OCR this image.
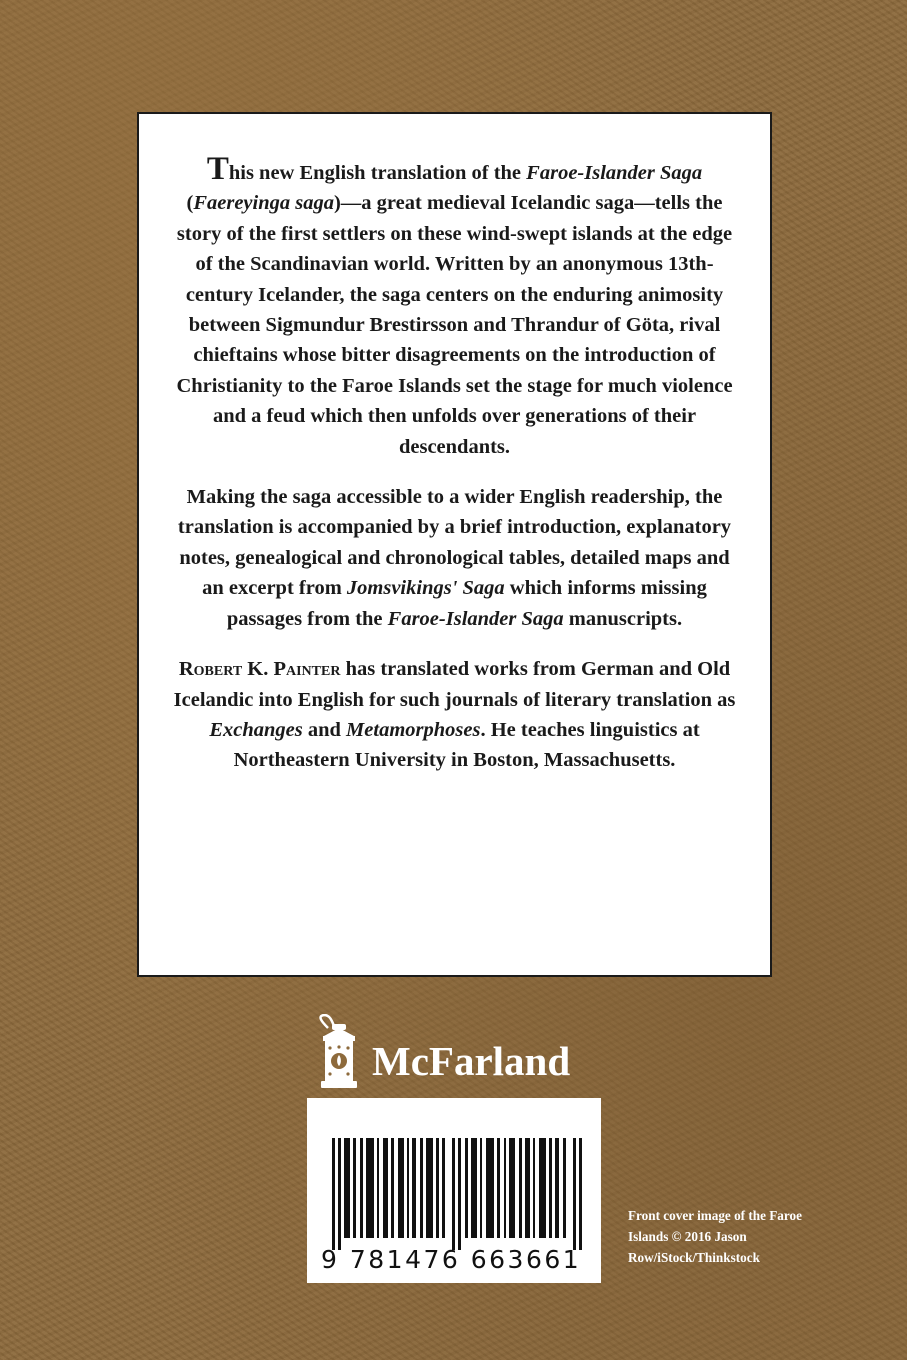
This new English translation of the Faroe-Islander Saga (Faereyinga saga)—a great medieval Icelandic saga—tells the story of the first settlers on these wind-swept islands at the edge of the Scandinavian world. Written by an anonymous 13th-century Icelander, the saga centers on the enduring animosity between Sigmundur Brestirsson and Thrandur of Göta, rival chieftains whose bitter disagreements on the introduction of Christianity to the Faroe Islands set the stage for much violence and a feud which then unfolds over generations of their descendants.

Making the saga accessible to a wider English readership, the translation is accompanied by a brief introduction, explanatory notes, genealogical and chronological tables, detailed maps and an excerpt from Jomsvikings' Saga which informs missing passages from the Faroe-Islander Saga manuscripts.

Robert K. Painter has translated works from German and Old Icelandic into English for such journals of literary translation as Exchanges and Metamorphoses. He teaches linguistics at Northeastern University in Boston, Massachusetts.

McFarland
9 781476 663661
Front cover image of the Faroe Islands © 2016 Jason Row/iStock/Thinkstock
